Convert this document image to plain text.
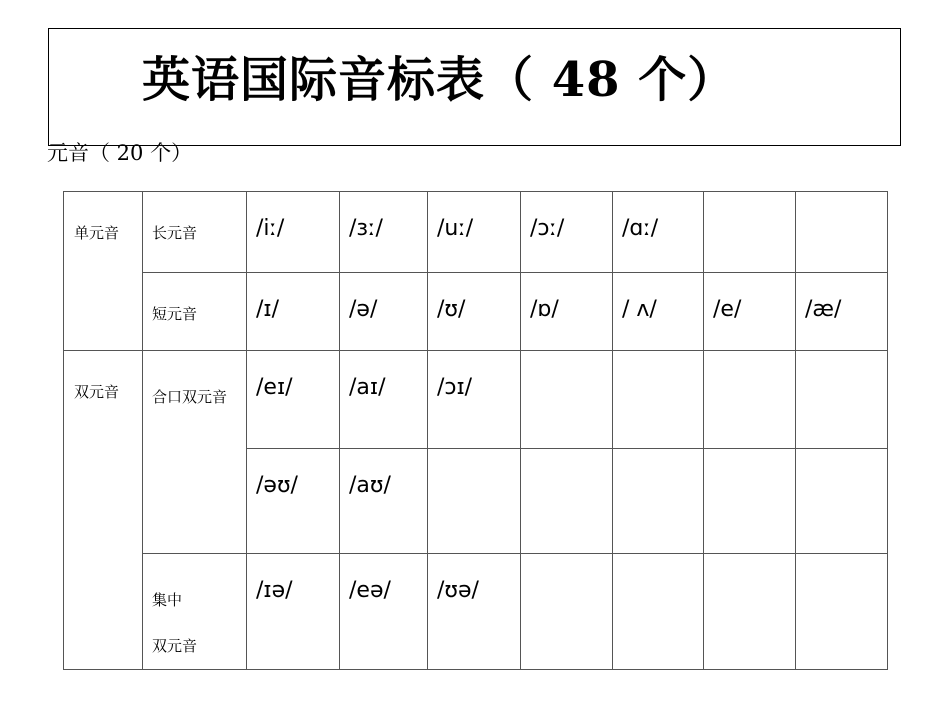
英语国际音标表（ 48 个）
元音（ 20 个）
单元音	长元音	/iː/	/ɜː/	/uː/	/ɔː/	/ɑː/		

	短元音	/ɪ/	/ə/	/ʊ/	/ɒ/	/ ʌ/	/e/	/æ/

双元音	合口双元音	/eɪ/	/aɪ/	/ɔɪ/				

		/əʊ/	/aʊ/					

	集中
双元音	/ɪə/	/eə/	/ʊə/				
